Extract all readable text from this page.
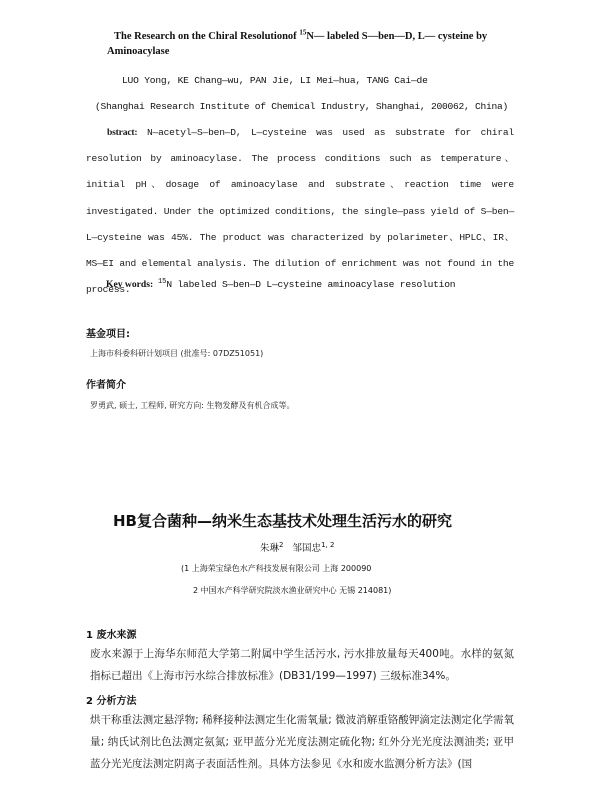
The Research on the Chiral Resolutionof $^{15}$N— labeled S—ben—D, L— cysteine by
Aminoacylase
LUO Yong, KE Chang—wu, PAN Jie, LI Mei—hua, TANG Cai—de
(Shanghai Research Institute of Chemical Industry, Shanghai, 200062, China)
bstract: N—acetyl—S—ben—D, L—cysteine was used as substrate for chiral resolution by aminoacylase. The process conditions such as temperature、initial pH、dosage of aminoacylase and substrate、reaction time were investigated. Under the optimized conditions, the single—pass yield of S—ben—L—cysteine was 45%. The product was characterized by polarimeter、HPLC、IR、MS—EI and elemental analysis. The dilution of enrichment was not found in the process.
Key words: $^{15}$N labeled S—ben—D L—cysteine aminoacylase resolution
基金项目:
上海市科委科研计划项目 (批准号: 07DZ51051)
作者简介
罗勇武, 硕士, 工程师, 研究方向: 生物发酵及有机合成等。
HB复合菌种—纳米生态基技术处理生活污水的研究
朱琳$^2$ 邹国忠$^{1, 2}$
(1 上海荣宝绿色水产科技发展有限公司 上海 200090
2 中国水产科学研究院淡水渔业研究中心 无锡 214081)
1 废水来源
废水来源于上海华东师范大学第二附属中学生活污水, 污水排放量每天400吨。水样的氨氮指标已超出《上海市污水综合排放标准》(DB31/199—1997) 三级标准34%。
2 分析方法
烘干称重法测定悬浮物; 稀释接种法测定生化需氧量; 微波消解重铬酸钾滴定法测定化学需氧量; 纳氏试剂比色法测定氨氮; 亚甲蓝分光光度法测定硫化物; 红外分光光度法测油类; 亚甲蓝分光光度法测定阴离子表面活性剂。具体方法参见《水和废水监测分析方法》(国
